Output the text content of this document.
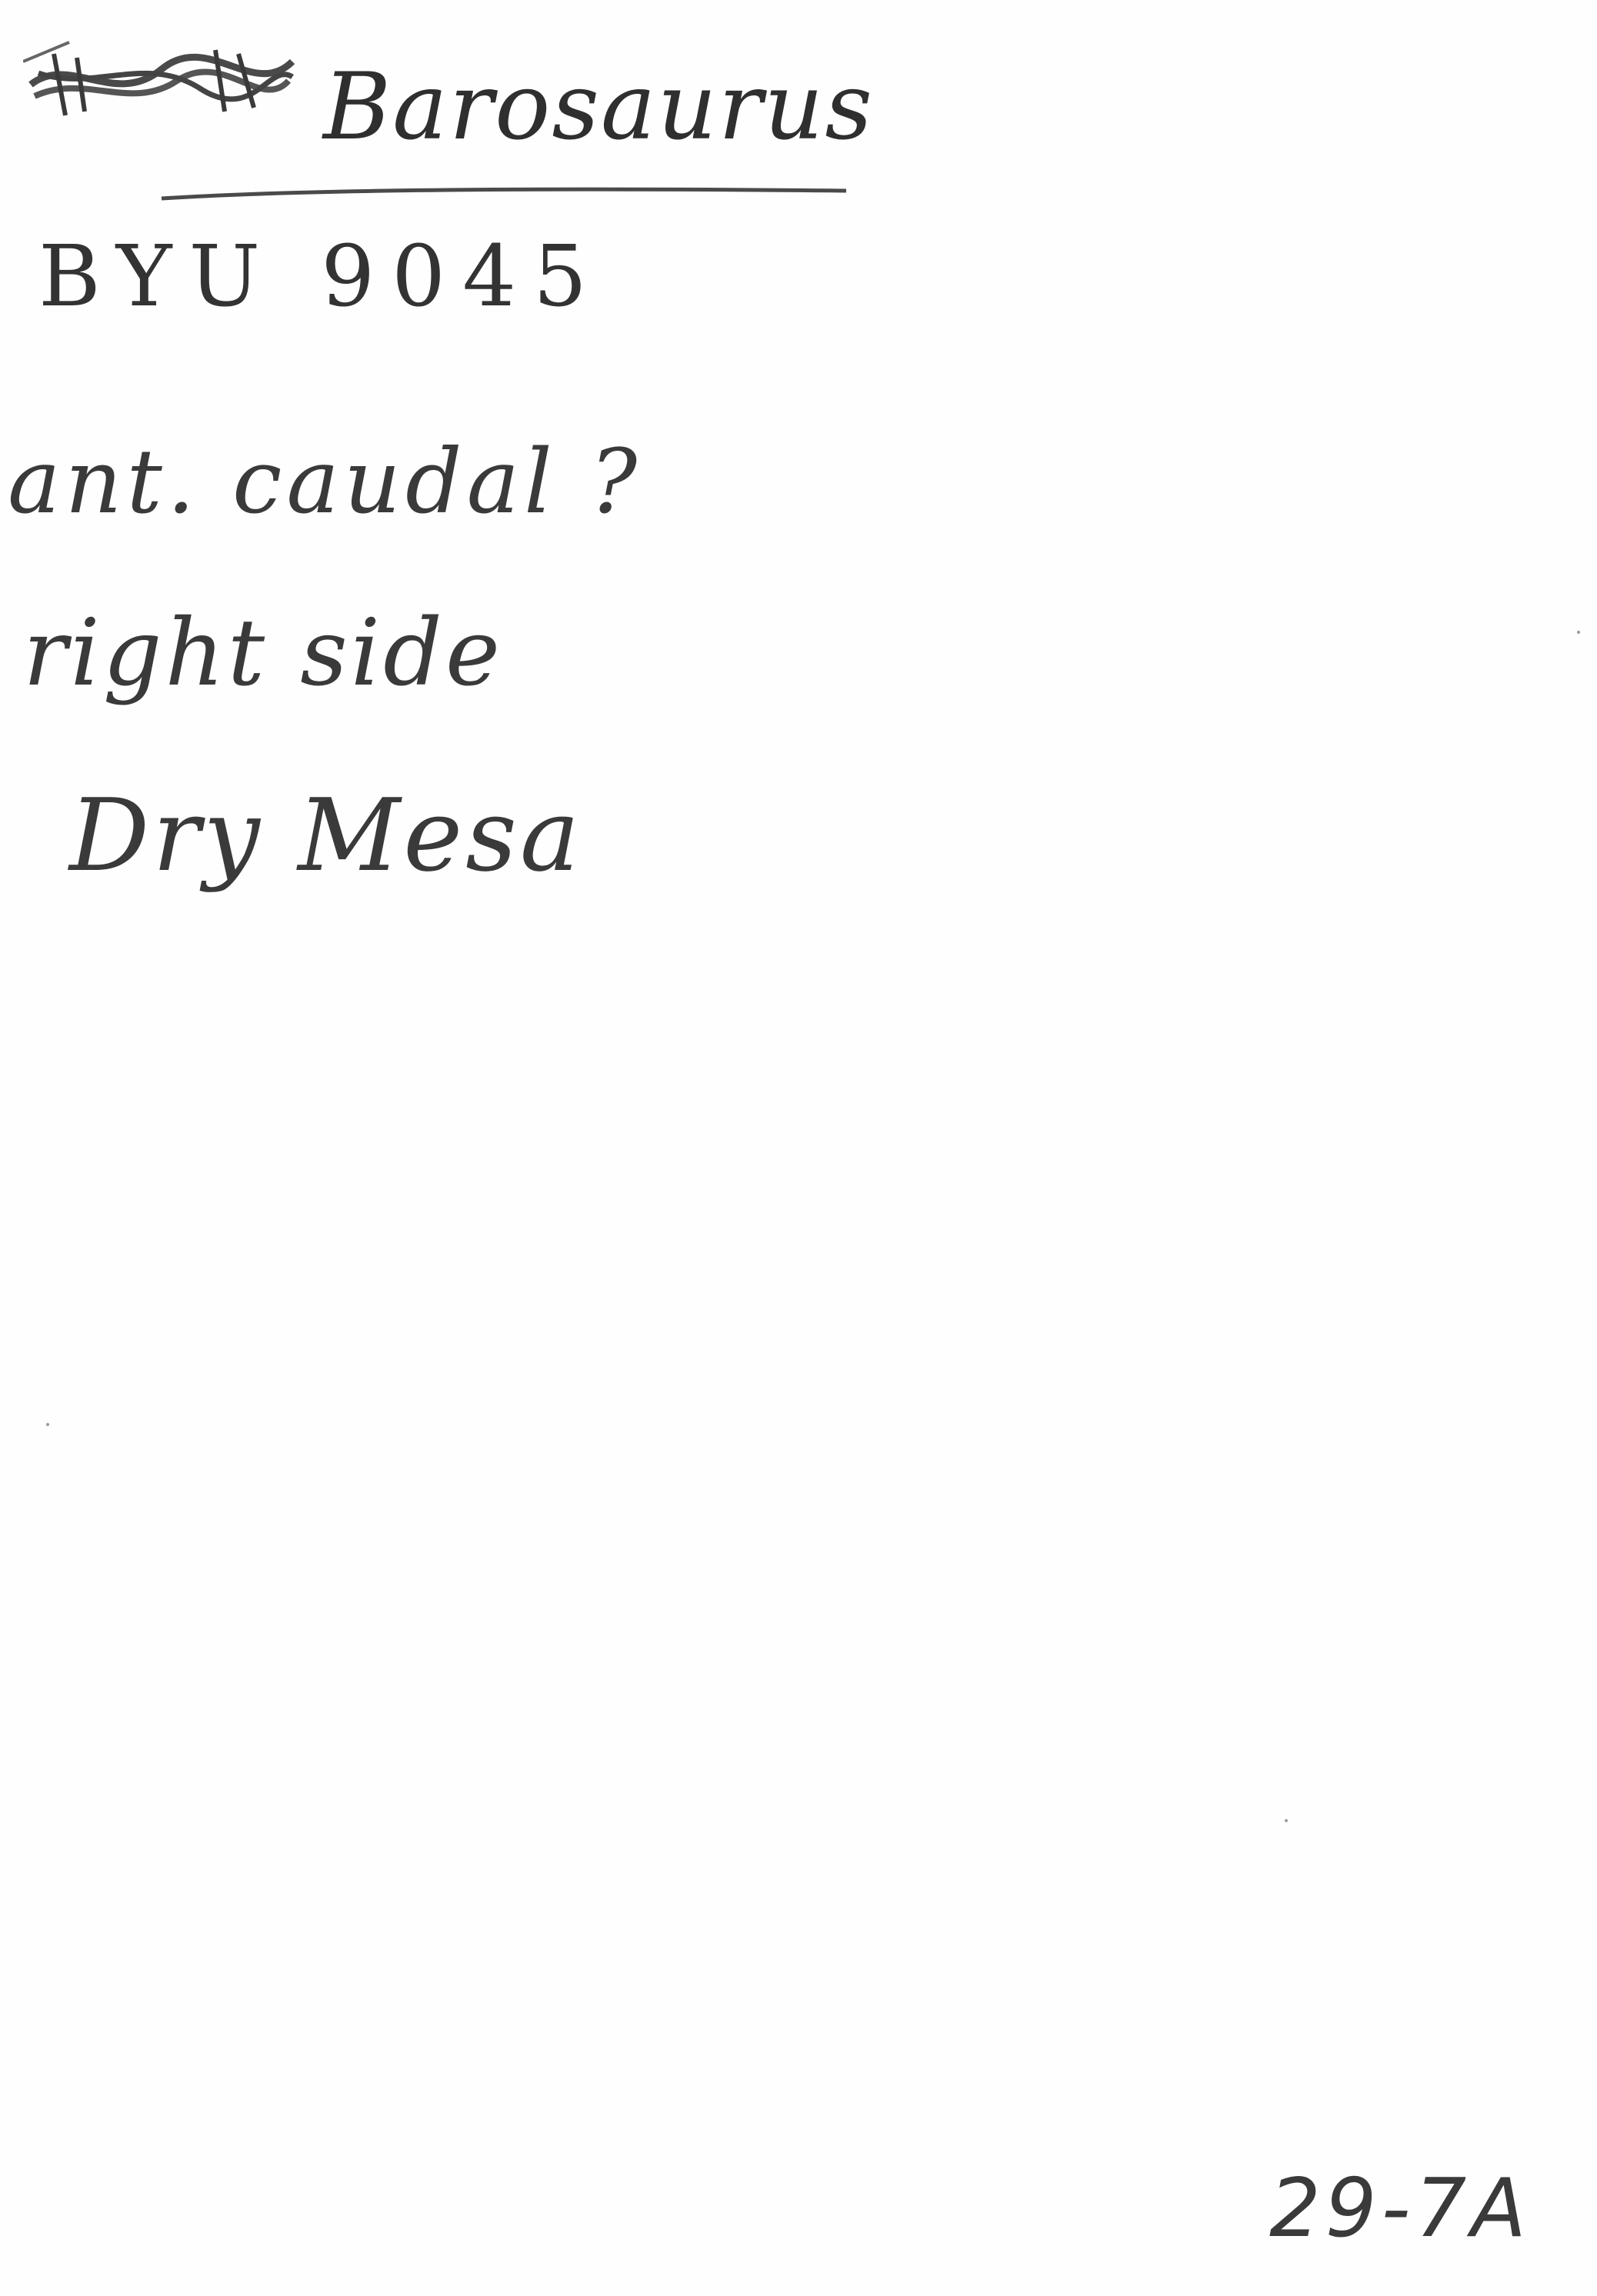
Barosaurus

BYU 9045

ant. caudal ?

right side

Dry Mesa

29-7A
